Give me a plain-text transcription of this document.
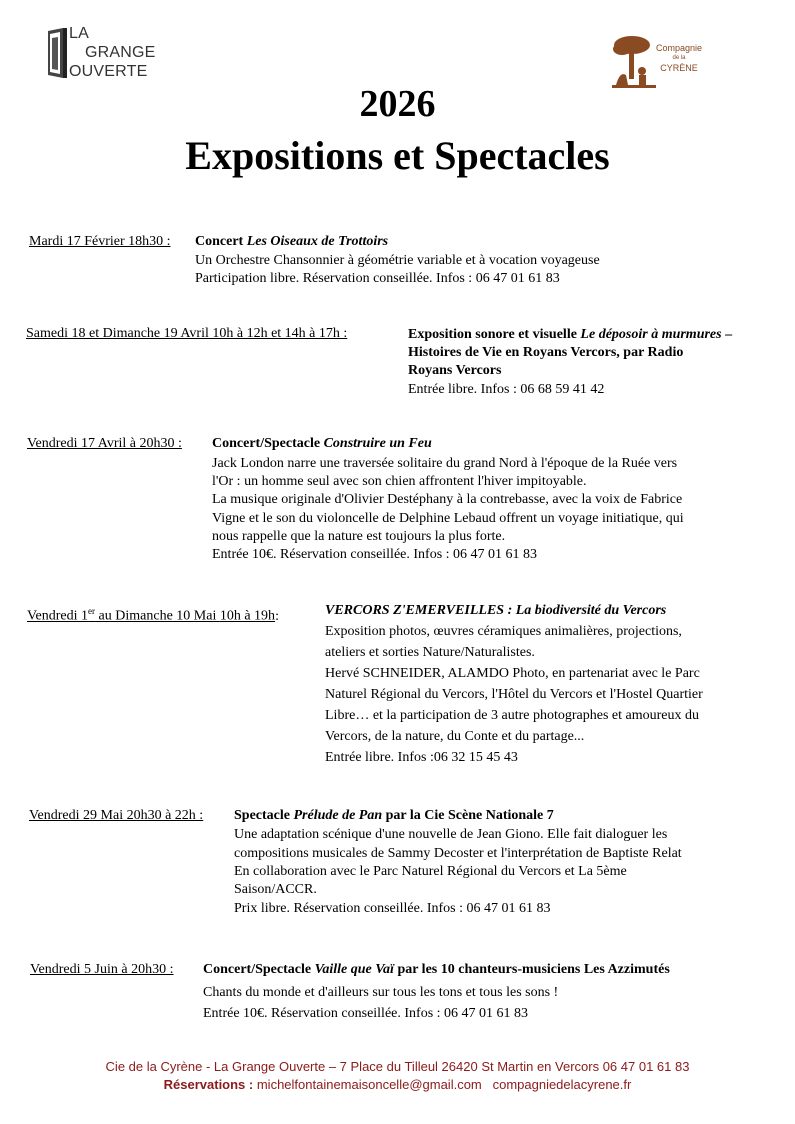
LA
GRANGE
OUVERTE
Compagnie
de la
CYRÈNE
2026
Expositions et Spectacles
Mardi 17 Février 18h30 : Concert Les Oiseaux de Trottoirs
Un Orchestre Chansonnier à géométrie variable et à vocation voyageuse
Participation libre. Réservation conseillée. Infos : 06 47 01 61 83
Samedi 18 et Dimanche 19 Avril 10h à 12h et 14h à 17h :	Exposition sonore et visuelle Le déposoir à murmures –
Histoires de Vie en Royans Vercors, par Radio
Royans Vercors
Entrée libre. Infos : 06 68 59 41 42
Vendredi 17 Avril à 20h30 : Concert/Spectacle Construire un Feu
Jack London narre une traversée solitaire du grand Nord à l'époque de la Ruée vers
l'Or : un homme seul avec son chien affrontent l'hiver impitoyable.
La musique originale d'Olivier Destéphany à la contrebasse, avec la voix de Fabrice
Vigne et le son du violoncelle de Delphine Lebaud offrent un voyage initiatique, qui
nous rappelle que la nature est toujours la plus forte.
Entrée 10€. Réservation conseillée. Infos : 06 47 01 61 83
Vendredi 1er au Dimanche 10 Mai 10h à 19h:	VERCORS Z'EMERVEILLES : La biodiversité du Vercors
Exposition photos, œuvres céramiques animalières, projections,
ateliers et sorties Nature/Naturalistes.
Hervé SCHNEIDER, ALAMDO Photo, en partenariat avec le Parc
Naturel Régional du Vercors, l'Hôtel du Vercors et l'Hostel Quartier
Libre… et la participation de 3 autre photographes et amoureux du
Vercors, de la nature, du Conte et du partage...
Entrée libre. Infos :06 32 15 45 43
Vendredi 29 Mai 20h30 à 22h : Spectacle Prélude de Pan par la Cie Scène Nationale 7
Une adaptation scénique d'une nouvelle de Jean Giono. Elle fait dialoguer les
compositions musicales de Sammy Decoster et l'interprétation de Baptiste Relat
En collaboration avec le Parc Naturel Régional du Vercors et La 5ème
Saison/ACCR.
Prix libre. Réservation conseillée. Infos : 06 47 01 61 83
Vendredi 5 Juin à 20h30 : Concert/Spectacle Vaille que Vaï par les 10 chanteurs-musiciens Les Azzimutés
Chants du monde et d'ailleurs sur tous les tons et tous les sons !
Entrée 10€. Réservation conseillée. Infos : 06 47 01 61 83
Cie de la Cyrène - La Grange Ouverte – 7 Place du Tilleul 26420 St Martin en Vercors 06 47 01 61 83
Réservations : michelfontainemaisoncelle@gmail.com   compagniedelacyrene.fr
